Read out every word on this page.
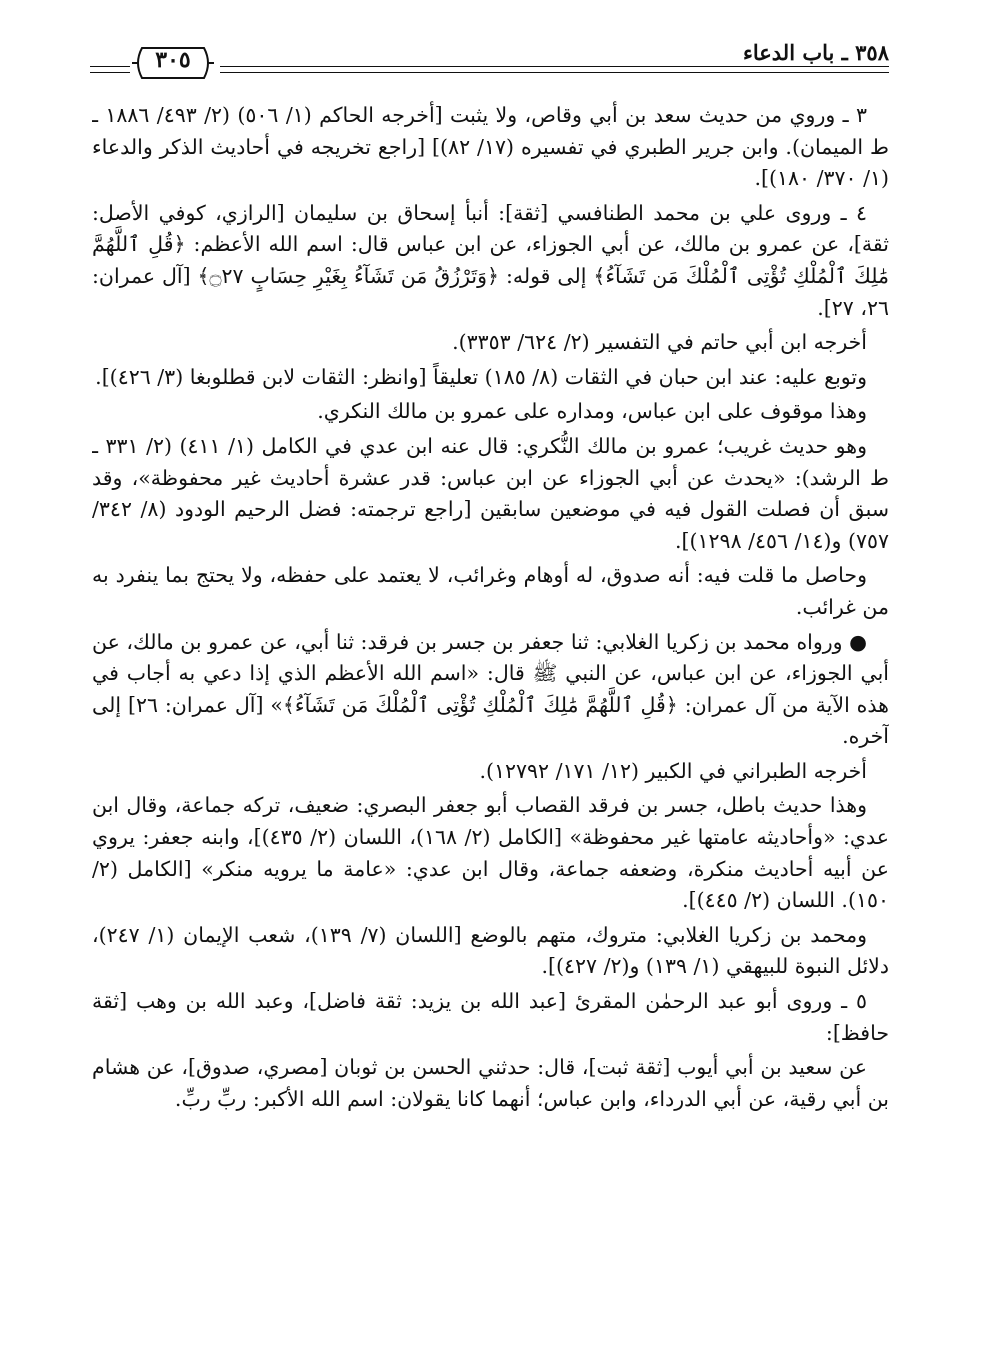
٣٥٨ ـ باب الدعاء
٣٠٥

٣ ـ وروي من حديث سعد بن أبي وقاص، ولا يثبت [أخرجه الحاكم (١/ ٥٠٦) (٢/ ٤٩٣/ ١٨٨٦ ـ ط الميمان). وابن جرير الطبري في تفسيره (١٧/ ٨٢)] [راجع تخريجه في أحاديث الذكر والدعاء (١/ ٣٧٠/ ١٨٠)].

٤ ـ وروى علي بن محمد الطنافسي [ثقة]: أنبأ إسحاق بن سليمان [الرازي، كوفي الأصل: ثقة]، عن عمرو بن مالك، عن أبي الجوزاء، عن ابن عباس قال: اسم الله الأعظم: ﴿قُلِ ٱللَّهُمَّ مَٰلِكَ ٱلْمُلْكِ تُؤْتِى ٱلْمُلْكَ مَن تَشَآءُ﴾ إلى قوله: ﴿وَتَرْزُقُ مَن تَشَآءُ بِغَيْرِ حِسَابٍ ۝٢٧﴾ [آل عمران: ٢٦، ٢٧].

أخرجه ابن أبي حاتم في التفسير (٢/ ٦٢٤/ ٣٣٥٣).

وتوبع عليه: عند ابن حبان في الثقات (٨/ ١٨٥) تعليقاً [وانظر: الثقات لابن قطلوبغا (٣/ ٤٢٦)].

وهذا موقوف على ابن عباس، ومداره على عمرو بن مالك النكري.

وهو حديث غريب؛ عمرو بن مالك النُّكري: قال عنه ابن عدي في الكامل (١/ ٤١١) (٢/ ٣٣١ ـ ط الرشد): «يحدث عن أبي الجوزاء عن ابن عباس: قدر عشرة أحاديث غير محفوظة»، وقد سبق أن فصلت القول فيه في موضعين سابقين [راجع ترجمته: فضل الرحيم الودود (٨/ ٣٤٢/ ٧٥٧) و(١٤/ ٤٥٦/ ١٢٩٨)].

وحاصل ما قلت فيه: أنه صدوق، له أوهام وغرائب، لا يعتمد على حفظه، ولا يحتج بما ينفرد به من غرائب.

● ورواه محمد بن زكريا الغلابي: ثنا جعفر بن جسر بن فرقد: ثنا أبي، عن عمرو بن مالك، عن أبي الجوزاء، عن ابن عباس، عن النبي ﷺ قال: «اسم الله الأعظم الذي إذا دعي به أجاب في هذه الآية من آل عمران: ﴿قُلِ ٱللَّهُمَّ مَٰلِكَ ٱلْمُلْكِ تُؤْتِى ٱلْمُلْكَ مَن تَشَآءُ﴾» [آل عمران: ٢٦] إلى آخره.

أخرجه الطبراني في الكبير (١٢/ ١٧١/ ١٢٧٩٢).

وهذا حديث باطل، جسر بن فرقد القصاب أبو جعفر البصري: ضعيف، تركه جماعة، وقال ابن عدي: «وأحاديثه عامتها غير محفوظة» [الكامل (٢/ ١٦٨)، اللسان (٢/ ٤٣٥)]، وابنه جعفر: يروي عن أبيه أحاديث منكرة، وضعفه جماعة، وقال ابن عدي: «عامة ما يرويه منكر» [الكامل (٢/ ١٥٠). اللسان (٢/ ٤٤٥)].

ومحمد بن زكريا الغلابي: متروك، متهم بالوضع [اللسان (٧/ ١٣٩)، شعب الإيمان (١/ ٢٤٧)، دلائل النبوة للبيهقي (١/ ١٣٩) و(٢/ ٤٢٧)].

٥ ـ وروى أبو عبد الرحمٰن المقرئ [عبد الله بن يزيد: ثقة فاضل]، وعبد الله بن وهب [ثقة حافظ]:

عن سعيد بن أبي أيوب [ثقة ثبت]، قال: حدثني الحسن بن ثوبان [مصري، صدوق]، عن هشام بن أبي رقية، عن أبي الدرداء، وابن عباس؛ أنهما كانا يقولان: اسم الله الأكبر: ربِّ ربِّ.
